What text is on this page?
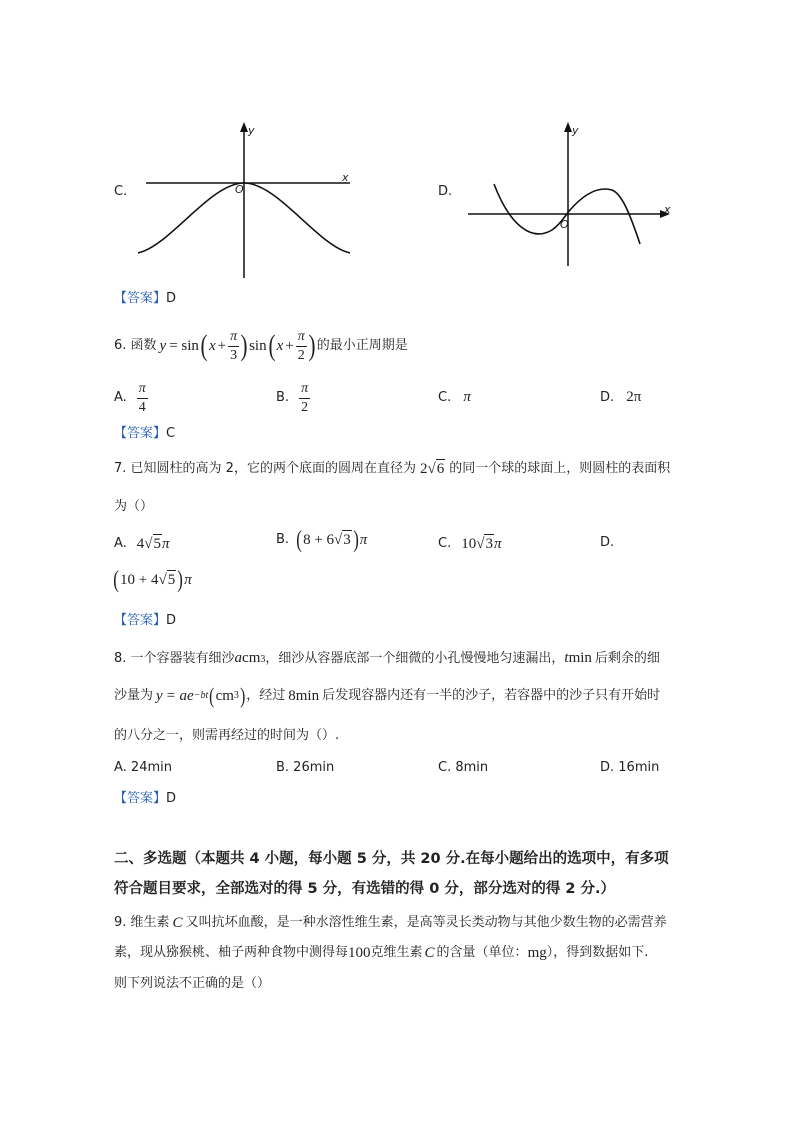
C.
y
x
O	D.
y
x
O
【答案】D
6. 函数 y = sin ( $x + \frac{\pi}{3}$ ) sin ( $x + \frac{\pi}{2}$ ) 的最小正周期是
A. $\frac{\pi}{4}$	B. $\frac{\pi}{2}$	C. π	D. 2π
【答案】C
7. 已知圆柱的高为 2，它的两个底面的圆周在直径为 2 √ 6 的同一个球的球面上，则圆柱的表面积
为（）
A. 4 √ 5 π	B. ( 8 + 6 √ 3 ) π	C. 10 √ 3 π	D.
( 10 + 4 √ 5 ) π
【答案】D
8. 一个容器装有细沙 a cm 3 ，细沙从容器底部一个细微的小孔慢慢地匀速漏出， t min 后剩余的细
沙量为 y = ae −bt ( cm 3 ) ，经过 8min 后发现容器内还有一半的沙子，若容器中的沙子只有开始时
的八分之一，则需再经过的时间为（）.
A. 24min	B. 26min	C. 8min	D. 16min
【答案】D
二、多选题（本题共 4 小题，每小题 5 分，共 20 分.在每小题给出的选项中，有多项
符合题目要求，全部选对的得 5 分，有选错的得 0 分，部分选对的得 2 分.）
9. 维生素 C 又叫抗坏血酸，是一种水溶性维生素，是高等灵长类动物与其他少数生物的必需营养
素，现从猕猴桃、柚子两种食物中测得每 100 克维生素 C 的含量（单位： mg ），得到数据如下.
则下列说法不正确的是（）
